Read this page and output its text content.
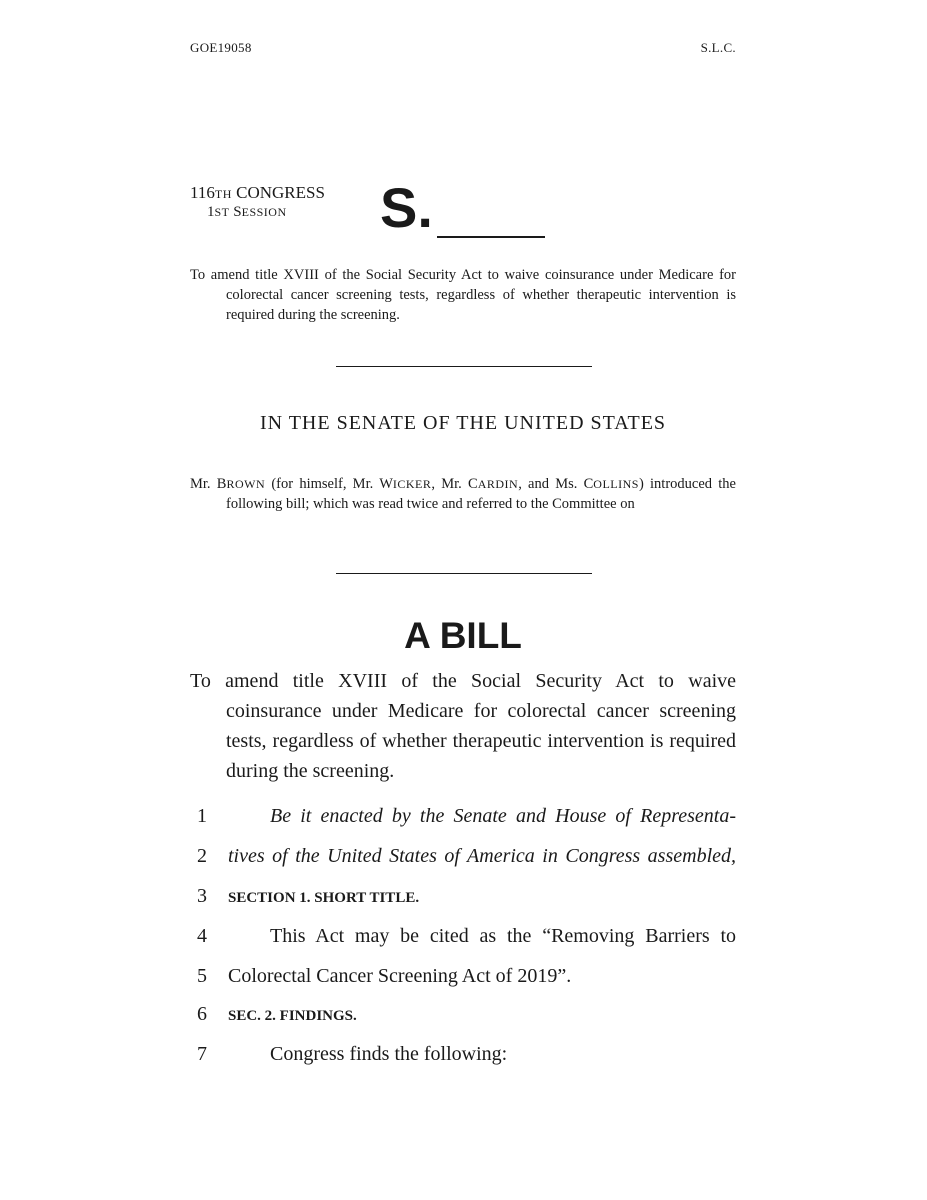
GOE19058	S.L.C.
116TH CONGRESS
1ST SESSION S.
To amend title XVIII of the Social Security Act to waive coinsurance under Medicare for colorectal cancer screening tests, regardless of whether therapeutic intervention is required during the screening.
IN THE SENATE OF THE UNITED STATES
Mr. BROWN (for himself, Mr. WICKER, Mr. CARDIN, and Ms. COLLINS) introduced the following bill; which was read twice and referred to the Committee on
A BILL
To amend title XVIII of the Social Security Act to waive coinsurance under Medicare for colorectal cancer screening tests, regardless of whether therapeutic intervention is required during the screening.
1	Be it enacted by the Senate and House of Representa-
2	tives of the United States of America in Congress assembled,
3	SECTION 1. SHORT TITLE.
4	This Act may be cited as the “Removing Barriers to
5	Colorectal Cancer Screening Act of 2019”.
6	SEC. 2. FINDINGS.
7	Congress finds the following:
